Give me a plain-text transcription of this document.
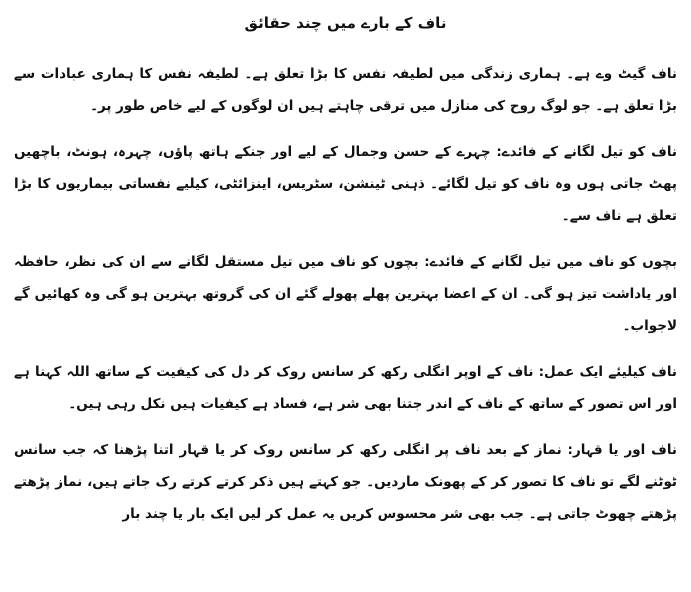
ناف کے بارے میں چند حقائق

ناف گیٹ وے ہے۔ ہماری زندگی میں لطیفہ نفس کا بڑا تعلق ہے۔ لطیفہ نفس کا ہماری عبادات سے بڑا تعلق ہے۔ جو لوگ روح کی منازل میں ترقی چاہتے ہیں ان لوگوں کے لیے خاص طور پر۔

ناف کو تیل لگانے کے فائدے: چہرے کے حسن وجمال کے لیے اور جنکے ہاتھ پاؤں، چہرہ، ہونٹ، باچھیں پھٹ جاتی ہوں وہ ناف کو تیل لگائے۔ ذہنی ٹینشن، سٹریس، اینزائٹی، کیلیے نفساتی بیماریوں کا بڑا تعلق ہے ناف سے۔

بچوں کو ناف میں تیل لگانے کے فائدے: بچوں کو ناف میں تیل مستقل لگانے سے ان کی نظر، حافظہ اور یاداشت تیز ہو گی۔ ان کے اعضا بہترین پھلے پھولے گئے ان کی گروتھ بہترین ہو گی وہ کھائیں گے لاجواب۔

ناف کیلیئے ایک عمل: ناف کے اوپر انگلی رکھ کر سانس روک کر دل کی کیفیت کے ساتھ اللہ کہنا ہے اور اس تصور کے ساتھ کے ناف کے اندر جتنا بھی شر ہے، فساد ہے کیفیات ہیں نکل رہی ہیں۔

ناف اور یا قہار: نماز کے بعد ناف پر انگلی رکھ کر سانس روک کر یا قہار اتنا پڑھنا کہ جب سانس ٹوٹنے لگے تو ناف کا تصور کر کے پھونک ماردیں۔ جو کہتے ہیں ذکر کرتے کرتے رک جاتے ہیں، نماز پڑھتے پڑھتے چھوٹ جاتی ہے۔ جب بھی شر محسوس کریں یہ عمل کر لیں ایک بار یا چند بار
